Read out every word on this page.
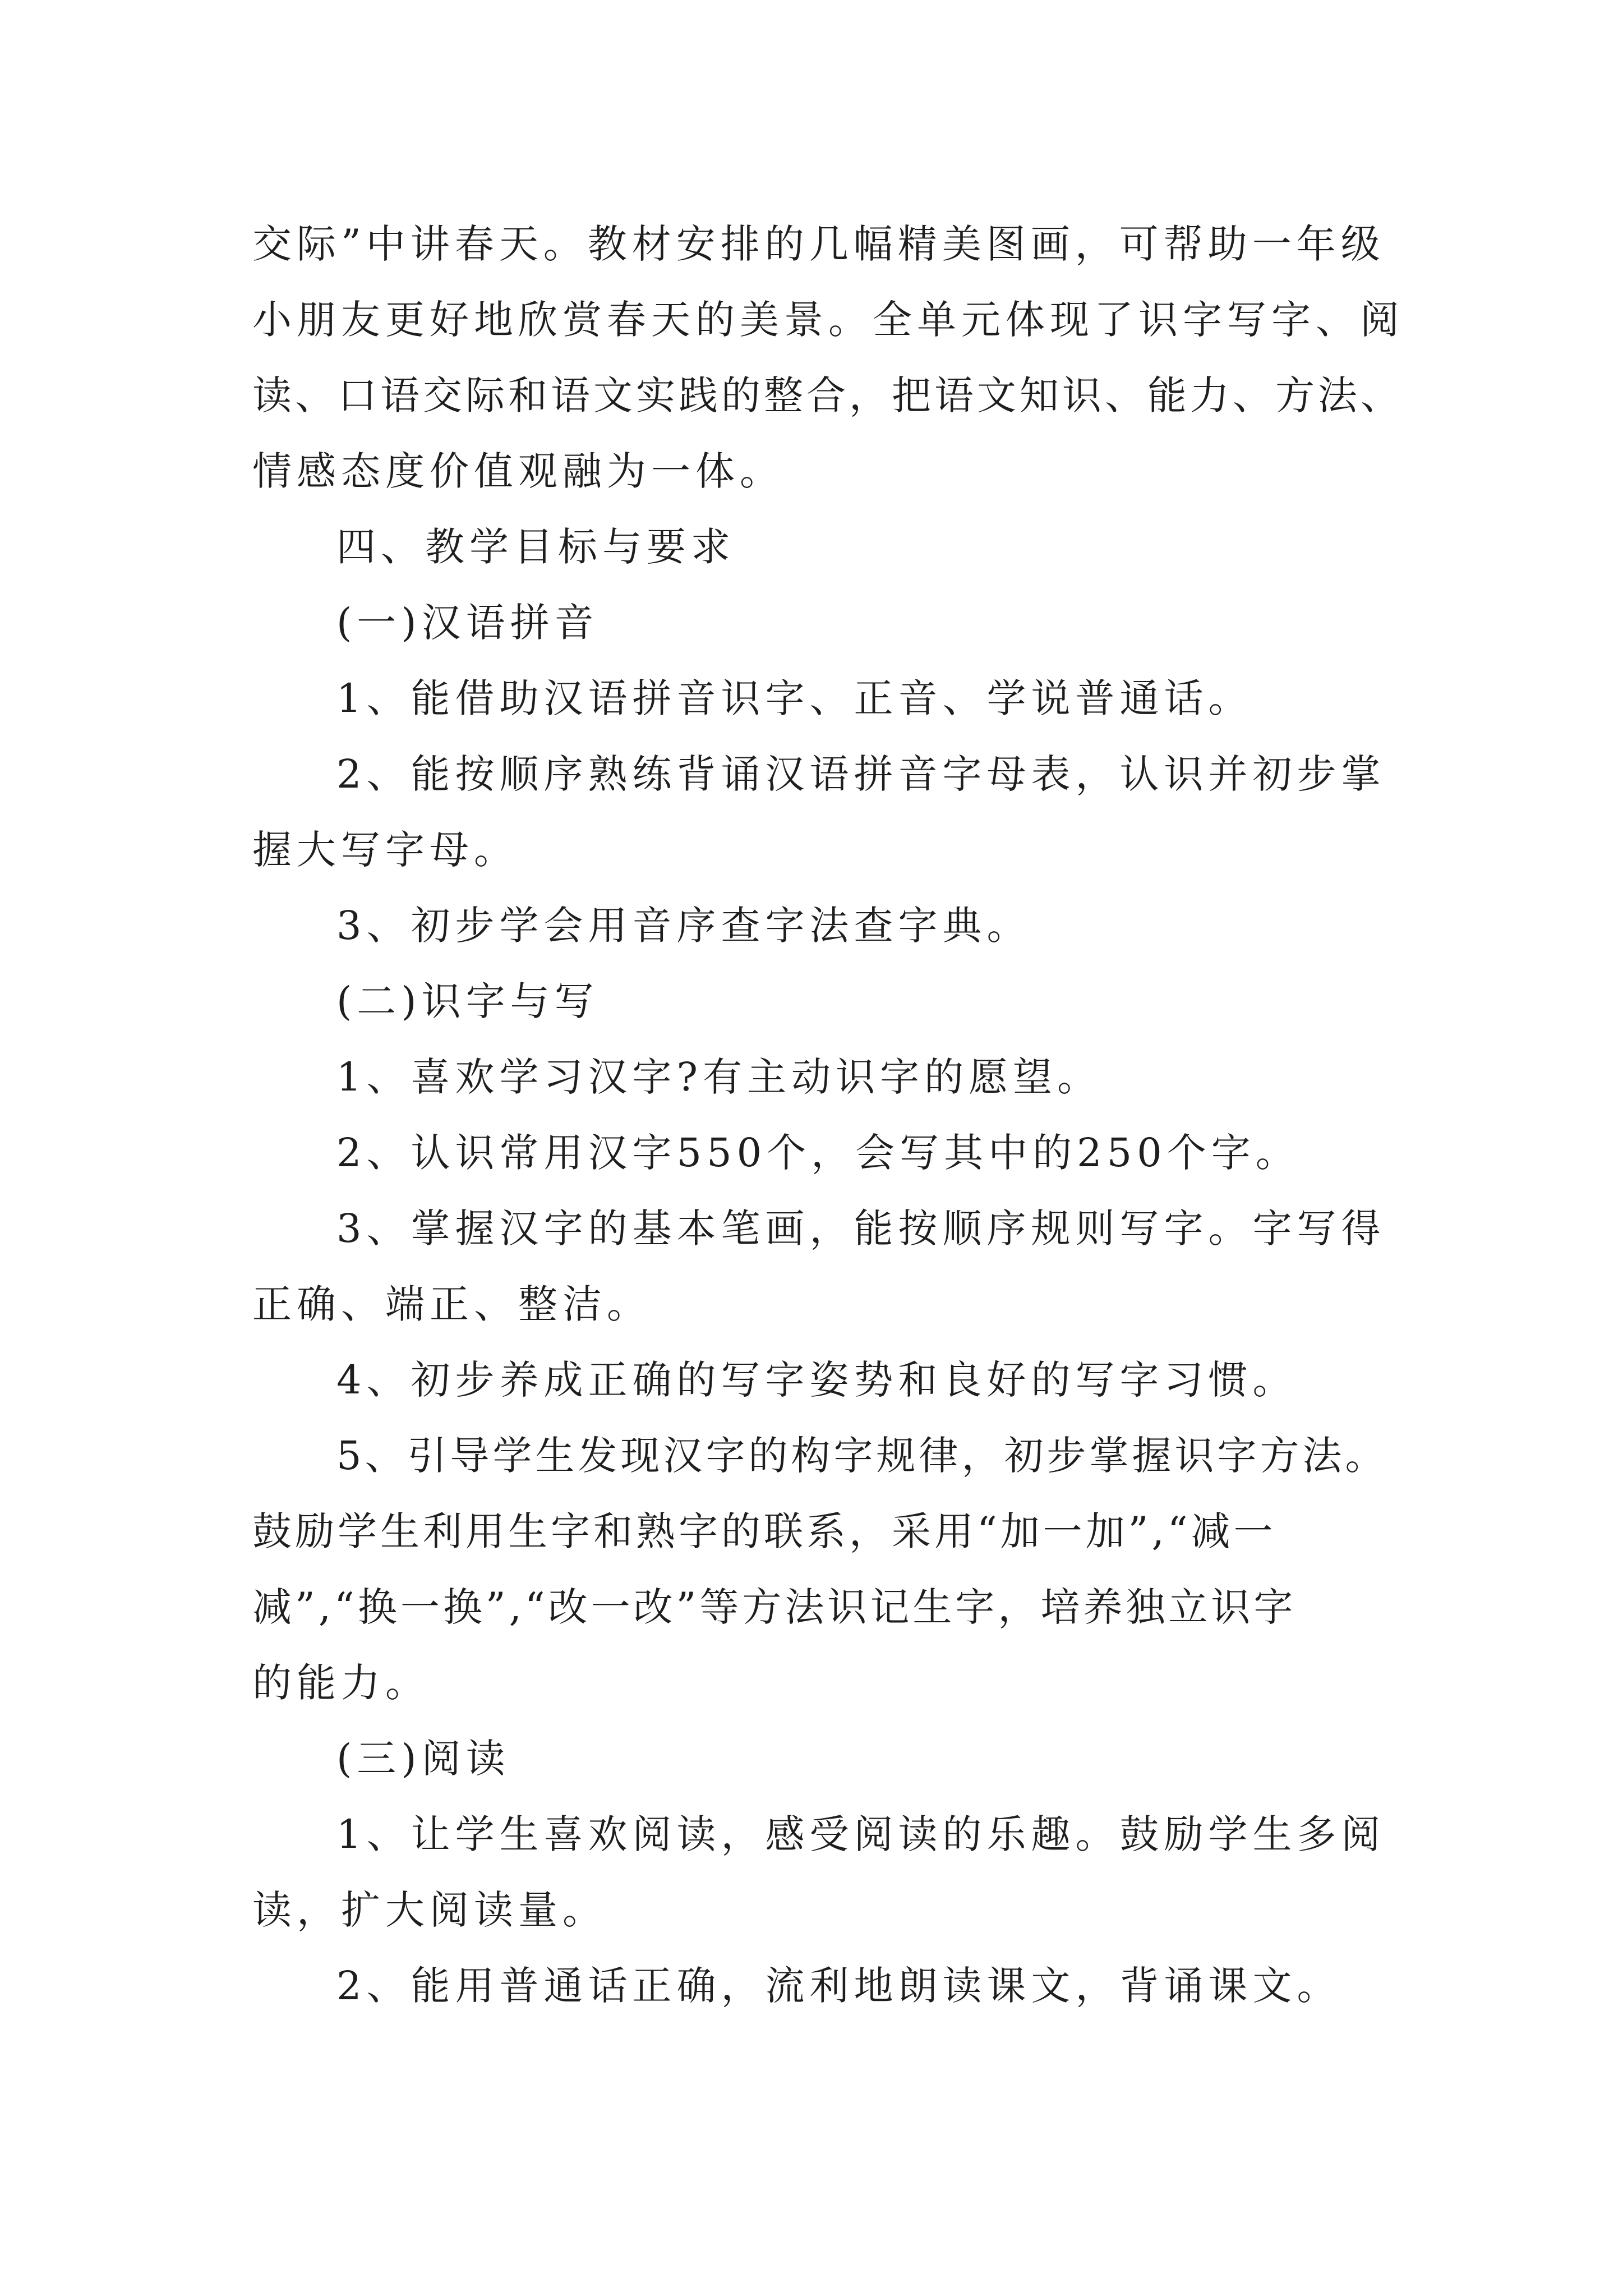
交际”中讲春天。教材安排的几幅精美图画，可帮助一年级
小朋友更好地欣赏春天的美景。全单元体现了识字写字、阅
读、口语交际和语文实践的整合，把语文知识、能力、方法、
情感态度价值观融为一体。
四、教学目标与要求
(一)汉语拼音
1、能借助汉语拼音识字、正音、学说普通话。
2、能按顺序熟练背诵汉语拼音字母表，认识并初步掌
握大写字母。
3、初步学会用音序查字法查字典。
(二)识字与写
1、喜欢学习汉字?有主动识字的愿望。
2、认识常用汉字550个，会写其中的250个字。
3、掌握汉字的基本笔画，能按顺序规则写字。字写得
正确、端正、整洁。
4、初步养成正确的写字姿势和良好的写字习惯。
5、引导学生发现汉字的构字规律，初步掌握识字方法。
鼓励学生利用生字和熟字的联系，采用“加一加”,“减一
减”,“换一换”,“改一改”等方法识记生字，培养独立识字
的能力。
(三)阅读
1、让学生喜欢阅读，感受阅读的乐趣。鼓励学生多阅
读，扩大阅读量。
2、能用普通话正确，流利地朗读课文，背诵课文。
